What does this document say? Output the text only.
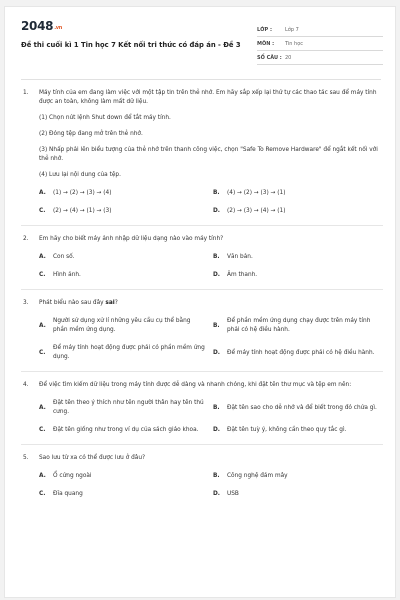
$2048^{.vn}$
Đề thi cuối kì 1 Tin học 7 Kết nối tri thức có đáp án - Đề 3
LỚP :	Lớp 7
MÔN :	Tin học
SỐ CÂU : 20
1.	Máy tính của em đang làm việc với một tập tin trên thẻ nhớ. Em hãy sắp xếp lại thứ tự các thao tác sau để máy tính được an toàn, không làm mất dữ liệu.
(1) Chọn nút lệnh Shut down để tắt máy tính.
(2) Đóng tệp đang mở trên thẻ nhớ.
(3) Nhấp phải lên biểu tượng của thẻ nhớ trên thanh công việc, chọn "Safe To Remove Hardware" để ngắt kết nối với thẻ nhớ.
(4) Lưu lại nội dung của tệp.
A.	(1) → (2) → (3) → (4)	B.	(4) → (2) → (3) → (1)
C.	(2) → (4) → (1) → (3)	D.	(2) → (3) → (4) → (1)
2.	Em hãy cho biết máy ảnh nhập dữ liệu dạng nào vào máy tính?
A.	Con số.	B.	Văn bản.
C.	Hình ảnh.	D.	Âm thanh.
3.	Phát biểu nào sau đây sai?
A.
Người sử dụng xử lí những yêu cầu cụ thể bằng phần mềm ứng dụng.
B.
Để phần mềm ứng dụng chạy được trên máy tính phải có hệ điều hành.
C.
Để máy tính hoạt động được phải có phần mềm ứng dụng.
D.	Để máy tính hoạt động được phải có hệ điều hành.
4.	Để việc tìm kiếm dữ liệu trong máy tính được dễ dàng và nhanh chóng, khi đặt tên thư mục và tệp em nên:
A.
Đặt tên theo ý thích như tên người thân hay tên thú cưng.
B.	Đặt tên sao cho dễ nhớ và để biết trong đó chứa gì.
C.	Đặt tên giống như trong ví dụ của sách giáo khoa.	D.	Đặt tên tuỳ ý, không cần theo quy tắc gì.
5.	Sao lưu từ xa có thể được lưu ở đâu?
A.	Ổ cứng ngoài	B.	Công nghệ đám mây
C.	Đĩa quang	D.	USB
